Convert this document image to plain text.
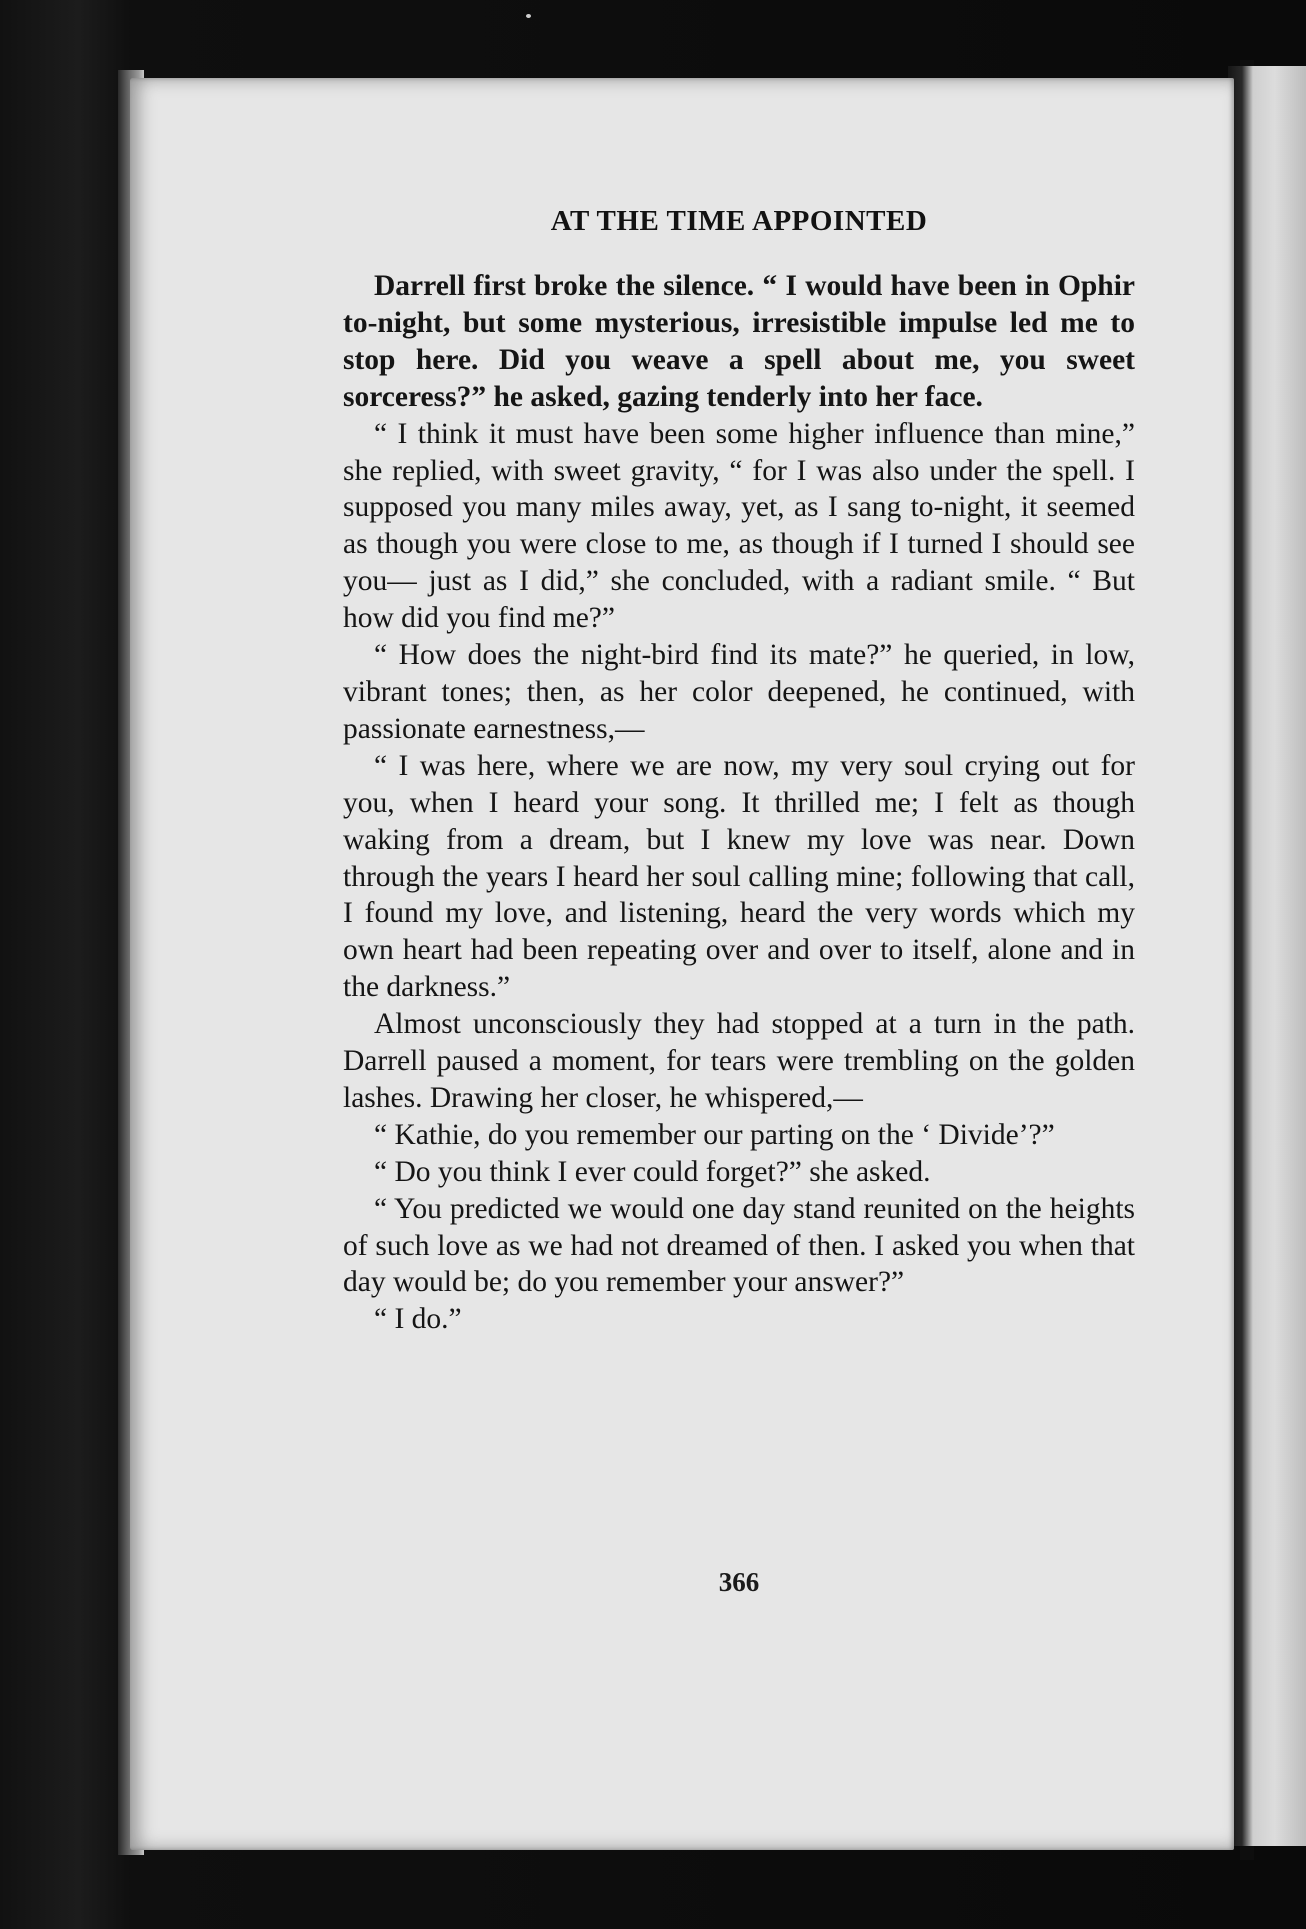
AT THE TIME APPOINTED

Darrell first broke the silence. “ I would have been in Ophir to-night, but some mysterious, irresistible impulse led me to stop here. Did you weave a spell about me, you sweet sorceress?” he asked, gazing tenderly into her face.

“ I think it must have been some higher influence than mine,” she replied, with sweet gravity, “ for I was also under the spell. I supposed you many miles away, yet, as I sang to-night, it seemed as though you were close to me, as though if I turned I should see you— just as I did,” she concluded, with a radiant smile. “ But how did you find me?”

“ How does the night-bird find its mate?” he queried, in low, vibrant tones; then, as her color deepened, he continued, with passionate earnestness,—

“ I was here, where we are now, my very soul crying out for you, when I heard your song. It thrilled me; I felt as though waking from a dream, but I knew my love was near. Down through the years I heard her soul calling mine; following that call, I found my love, and listening, heard the very words which my own heart had been repeating over and over to itself, alone and in the darkness.”

Almost unconsciously they had stopped at a turn in the path. Darrell paused a moment, for tears were trembling on the golden lashes. Drawing her closer, he whispered,—

“ Kathie, do you remember our parting on the ‘ Divide’?”

“ Do you think I ever could forget?” she asked.

“ You predicted we would one day stand reunited on the heights of such love as we had not dreamed of then. I asked you when that day would be; do you remember your answer?”

“ I do.”

366
